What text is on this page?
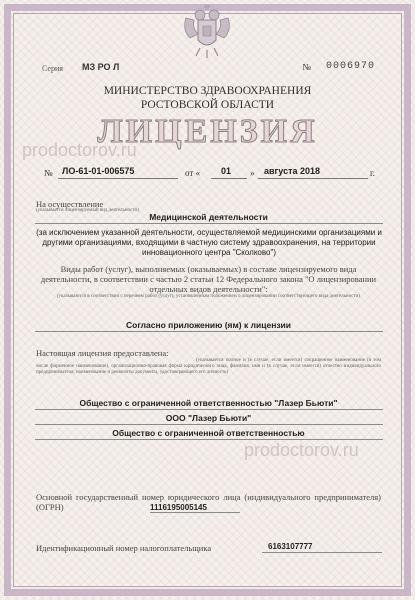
prodoctorov.ru
prodoctorov.ru
Серия МЗ РО Л	№ 0006970
МИНИСТЕРСТВО ЗДРАВООХРАНЕНИЯ
РОСТОВСКОЙ ОБЛАСТИ
ЛИЦЕНЗИЯ
№ ЛО-61-01-006575	от « 01 » августа 2018	г.
На осуществление
(указывается лицензируемый вид деятельности)
Медицинской деятельности
(за исключением указанной деятельности, осуществляемой медицинскими организациями и другими организациями, входящими в частную систему здравоохранения, на территории инновационного центра "Сколково")
Виды работ (услуг), выполняемых (оказываемых) в составе лицензируемого вида деятельности, в соответствии с частью 2 статьи 12 Федерального закона "О лицензировании отдельных видов деятельности":
(указываются в соответствии с перечнем работ (услуг), установленным положением о лицензировании соответствующего вида деятельности)
Согласно приложению (ям) к лицензии
Настоящая лицензия предоставлена:
(указывается полное и (в случае, если имеется) сокращенное наименование (в том числе фирменное наименование), организационно-правовая форма юридического лица, фамилия, имя и (в случае, если имеется) отчество индивидуального предпринимателя, наименование и реквизиты документа, удостоверяющего его личность)
Общество с ограниченной ответственностью "Лазер Бьюти"
ООО "Лазер Бьюти"
Общество с ограниченной ответственностью
Основной государственный номер юридического лица (индивидуального предпринимателя) (ОГРН)	1116195005145
Идентификационный номер налогоплательщика	6163107777
